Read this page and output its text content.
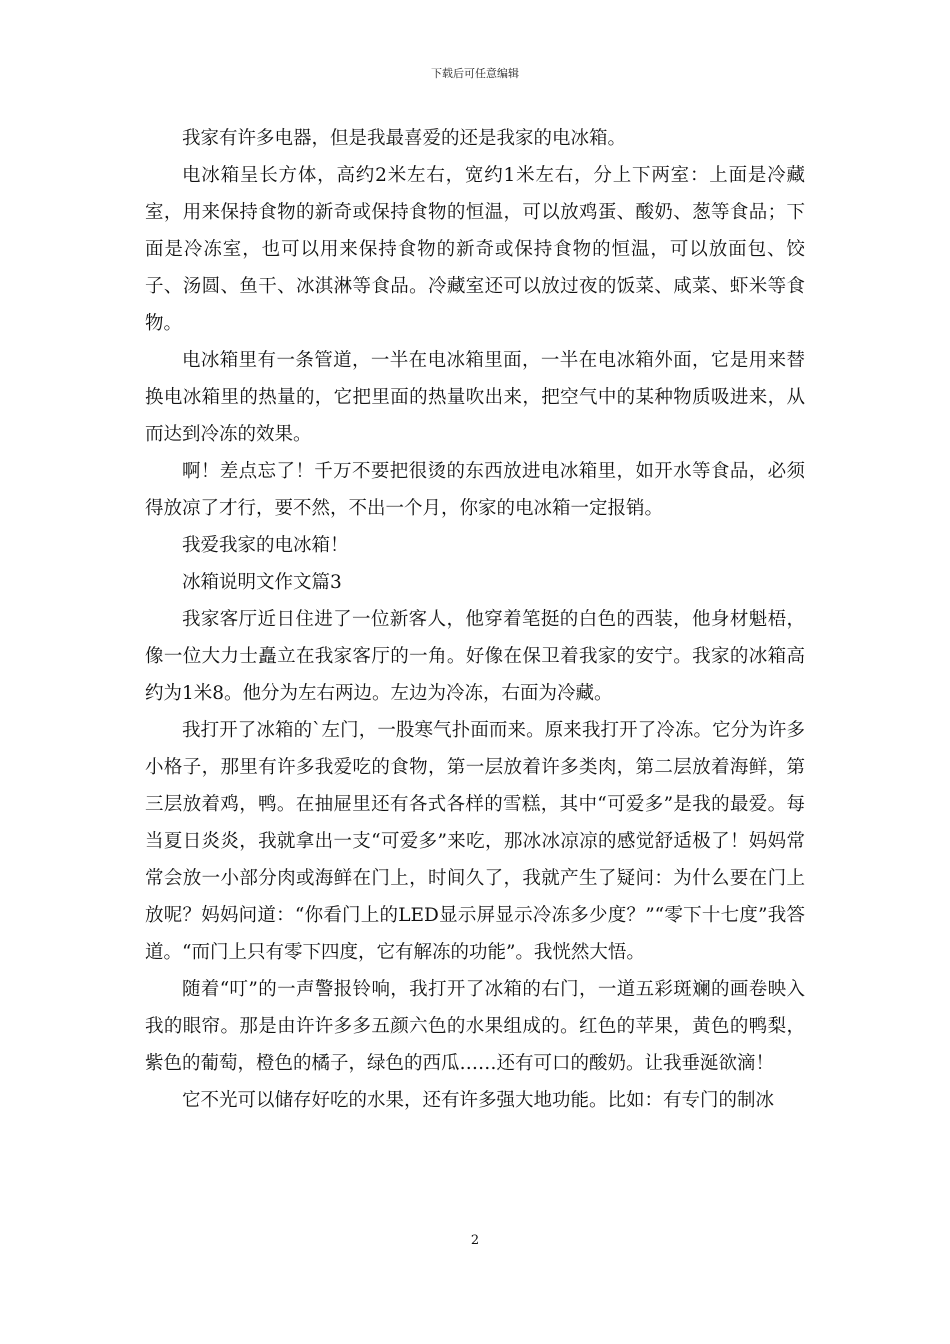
下载后可任意编辑

我家有许多电器，但是我最喜爱的还是我家的电冰箱。

电冰箱呈长方体，高约2米左右，宽约1米左右，分上下两室：上面是冷藏室，用来保持食物的新奇或保持食物的恒温，可以放鸡蛋、酸奶、葱等食品；下面是冷冻室，也可以用来保持食物的新奇或保持食物的恒温，可以放面包、饺子、汤圆、鱼干、冰淇淋等食品。冷藏室还可以放过夜的饭菜、咸菜、虾米等食物。

电冰箱里有一条管道，一半在电冰箱里面，一半在电冰箱外面，它是用来替换电冰箱里的热量的，它把里面的热量吹出来，把空气中的某种物质吸进来，从而达到冷冻的效果。

啊！差点忘了！千万不要把很烫的东西放进电冰箱里，如开水等食品，必须得放凉了才行，要不然，不出一个月，你家的电冰箱一定报销。

我爱我家的电冰箱！

冰箱说明文作文篇3

我家客厅近日住进了一位新客人，他穿着笔挺的白色的西装，他身材魁梧，像一位大力士矗立在我家客厅的一角。好像在保卫着我家的安宁。我家的冰箱高约为1米8。他分为左右两边。左边为冷冻，右面为冷藏。

我打开了冰箱的`左门，一股寒气扑面而来。原来我打开了冷冻。它分为许多小格子，那里有许多我爱吃的食物，第一层放着许多类肉，第二层放着海鲜，第三层放着鸡，鸭。在抽屉里还有各式各样的雪糕，其中“可爱多”是我的最爱。每当夏日炎炎，我就拿出一支“可爱多”来吃，那冰冰凉凉的感觉舒适极了！妈妈常常会放一小部分肉或海鲜在门上，时间久了，我就产生了疑问：为什么要在门上放呢？妈妈问道：“你看门上的LED显示屏显示冷冻多少度？”“零下十七度”我答道。“而门上只有零下四度，它有解冻的功能”。我恍然大悟。

随着“叮”的一声警报铃响，我打开了冰箱的右门，一道五彩斑斓的画卷映入我的眼帘。那是由许许多多五颜六色的水果组成的。红色的苹果，黄色的鸭梨，紫色的葡萄，橙色的橘子，绿色的西瓜……还有可口的酸奶。让我垂涎欲滴！

它不光可以储存好吃的水果，还有许多强大地功能。比如：有专门的制冰

2
